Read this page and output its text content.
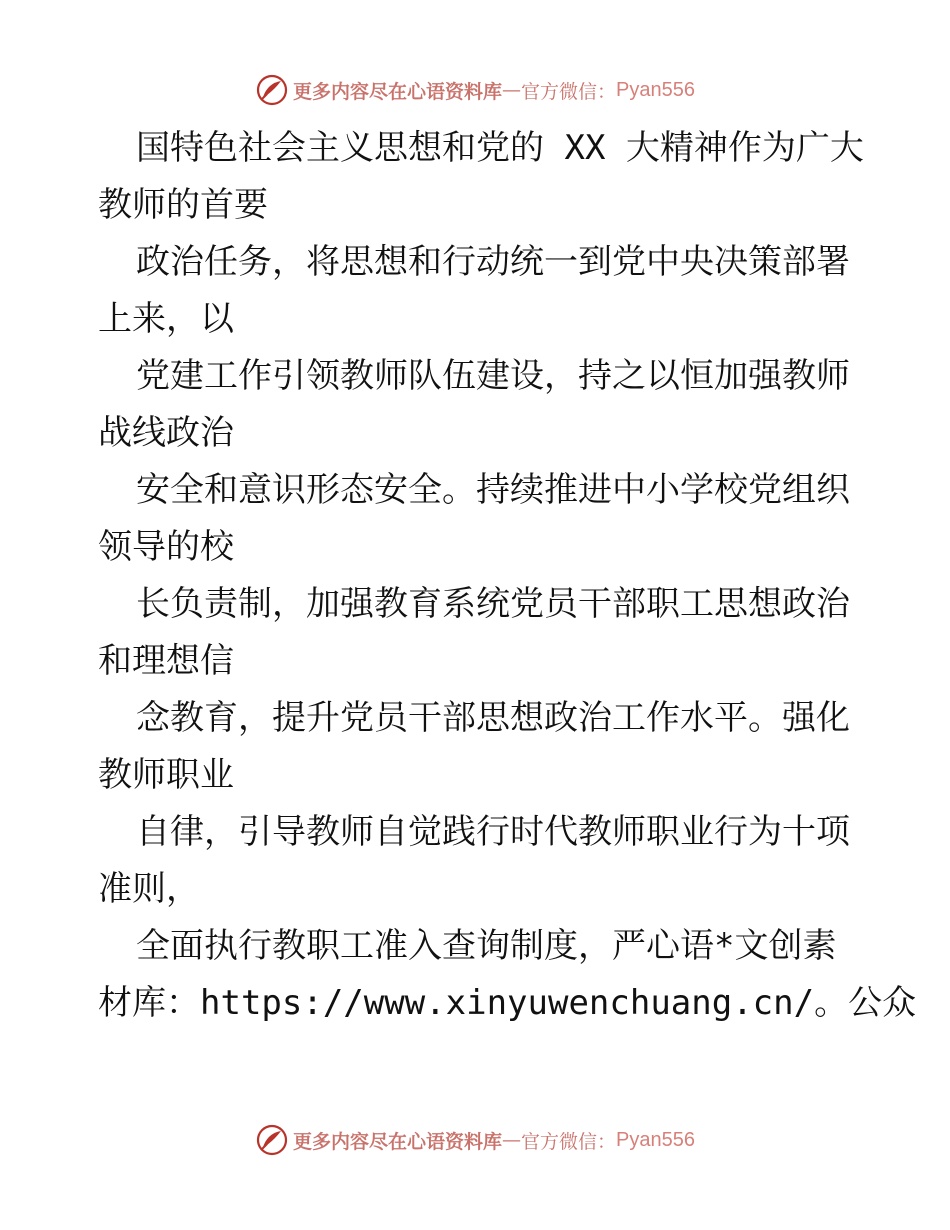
更多内容尽在心语资料库 — 官方微信： Pyan556
国特色社会主义思想和党的 XX 大精神作为广大
教师的首要
政治任务，将思想和行动统一到党中央决策部署
上来，以
党建工作引领教师队伍建设，持之以恒加强教师
战线政治
安全和意识形态安全。持续推进中小学校党组织
领导的校
长负责制，加强教育系统党员干部职工思想政治
和理想信
念教育，提升党员干部思想政治工作水平。强化
教师职业
自律，引导教师自觉践行时代教师职业行为十项
准则，
全面执行教职工准入查询制度，严心语*文创素
材库：https://www.xinyuwenchuang.cn/。公众
更多内容尽在心语资料库 — 官方微信： Pyan556
